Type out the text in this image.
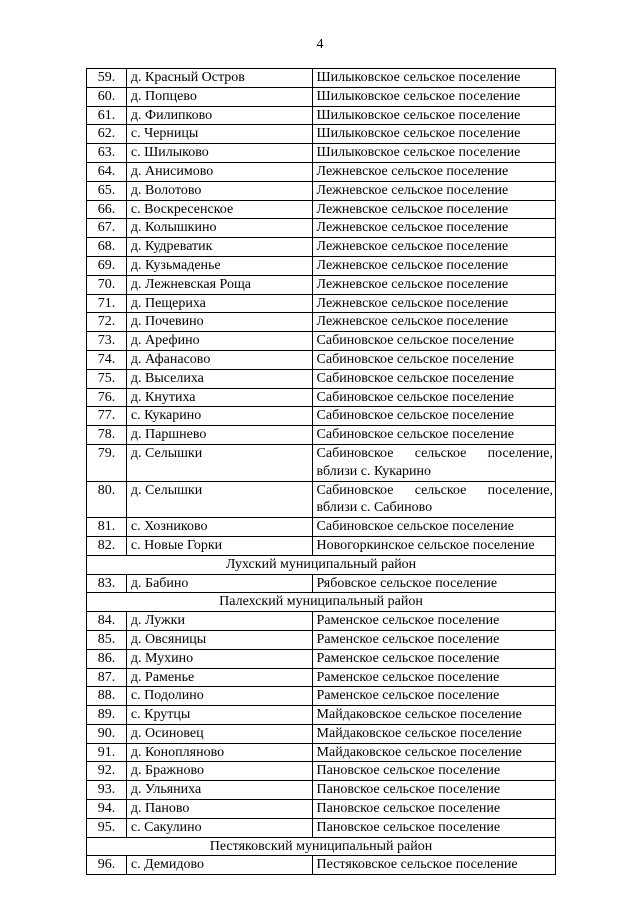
4
59.	д. Красный Остров	Шилыковское сельское поселение
60.	д. Попцево	Шилыковское сельское поселение
61.	д. Филипково	Шилыковское сельское поселение
62.	с. Черницы	Шилыковское сельское поселение
63.	с. Шилыково	Шилыковское сельское поселение
64.	д. Анисимово	Лежневское сельское поселение
65.	д. Волотово	Лежневское сельское поселение
66.	с. Воскресенское	Лежневское сельское поселение
67.	д. Колышкино	Лежневское сельское поселение
68.	д. Кудреватик	Лежневское сельское поселение
69.	д. Кузьмаденье	Лежневское сельское поселение
70.	д. Лежневская Роща	Лежневское сельское поселение
71.	д. Пещериха	Лежневское сельское поселение
72.	д. Почевино	Лежневское сельское поселение
73.	д. Арефино	Сабиновское сельское поселение
74.	д. Афанасово	Сабиновское сельское поселение
75.	д. Выселиха	Сабиновское сельское поселение
76.	д. Кнутиха	Сабиновское сельское поселение
77.	с. Кукарино	Сабиновское сельское поселение
78.	д. Паршнево	Сабиновское сельское поселение
79.	д. Селышки	Сабиновское сельское поселение, вблизи с. Кукарино
80.	д. Селышки	Сабиновское сельское поселение, вблизи с. Сабиново
81.	с. Хозниково	Сабиновское сельское поселение
82.	с. Новые Горки	Новогоркинское сельское поселение
Лухский муниципальный район		
83.	д. Бабино	Рябовское сельское поселение
Палехский муниципальный район		
84.	д. Лужки	Раменское сельское поселение
85.	д. Овсяницы	Раменское сельское поселение
86.	д. Мухино	Раменское сельское поселение
87.	д. Раменье	Раменское сельское поселение
88.	с. Подолино	Раменское сельское поселение
89.	с. Крутцы	Майдаковское сельское поселение
90.	д. Осиновец	Майдаковское сельское поселение
91.	д. Конопляново	Майдаковское сельское поселение
92.	д. Бражново	Пановское сельское поселение
93.	д. Ульяниха	Пановское сельское поселение
94.	д. Паново	Пановское сельское поселение
95.	с. Сакулино	Пановское сельское поселение
Пестяковский муниципальный район		
96.	с. Демидово	Пестяковское сельское поселение
